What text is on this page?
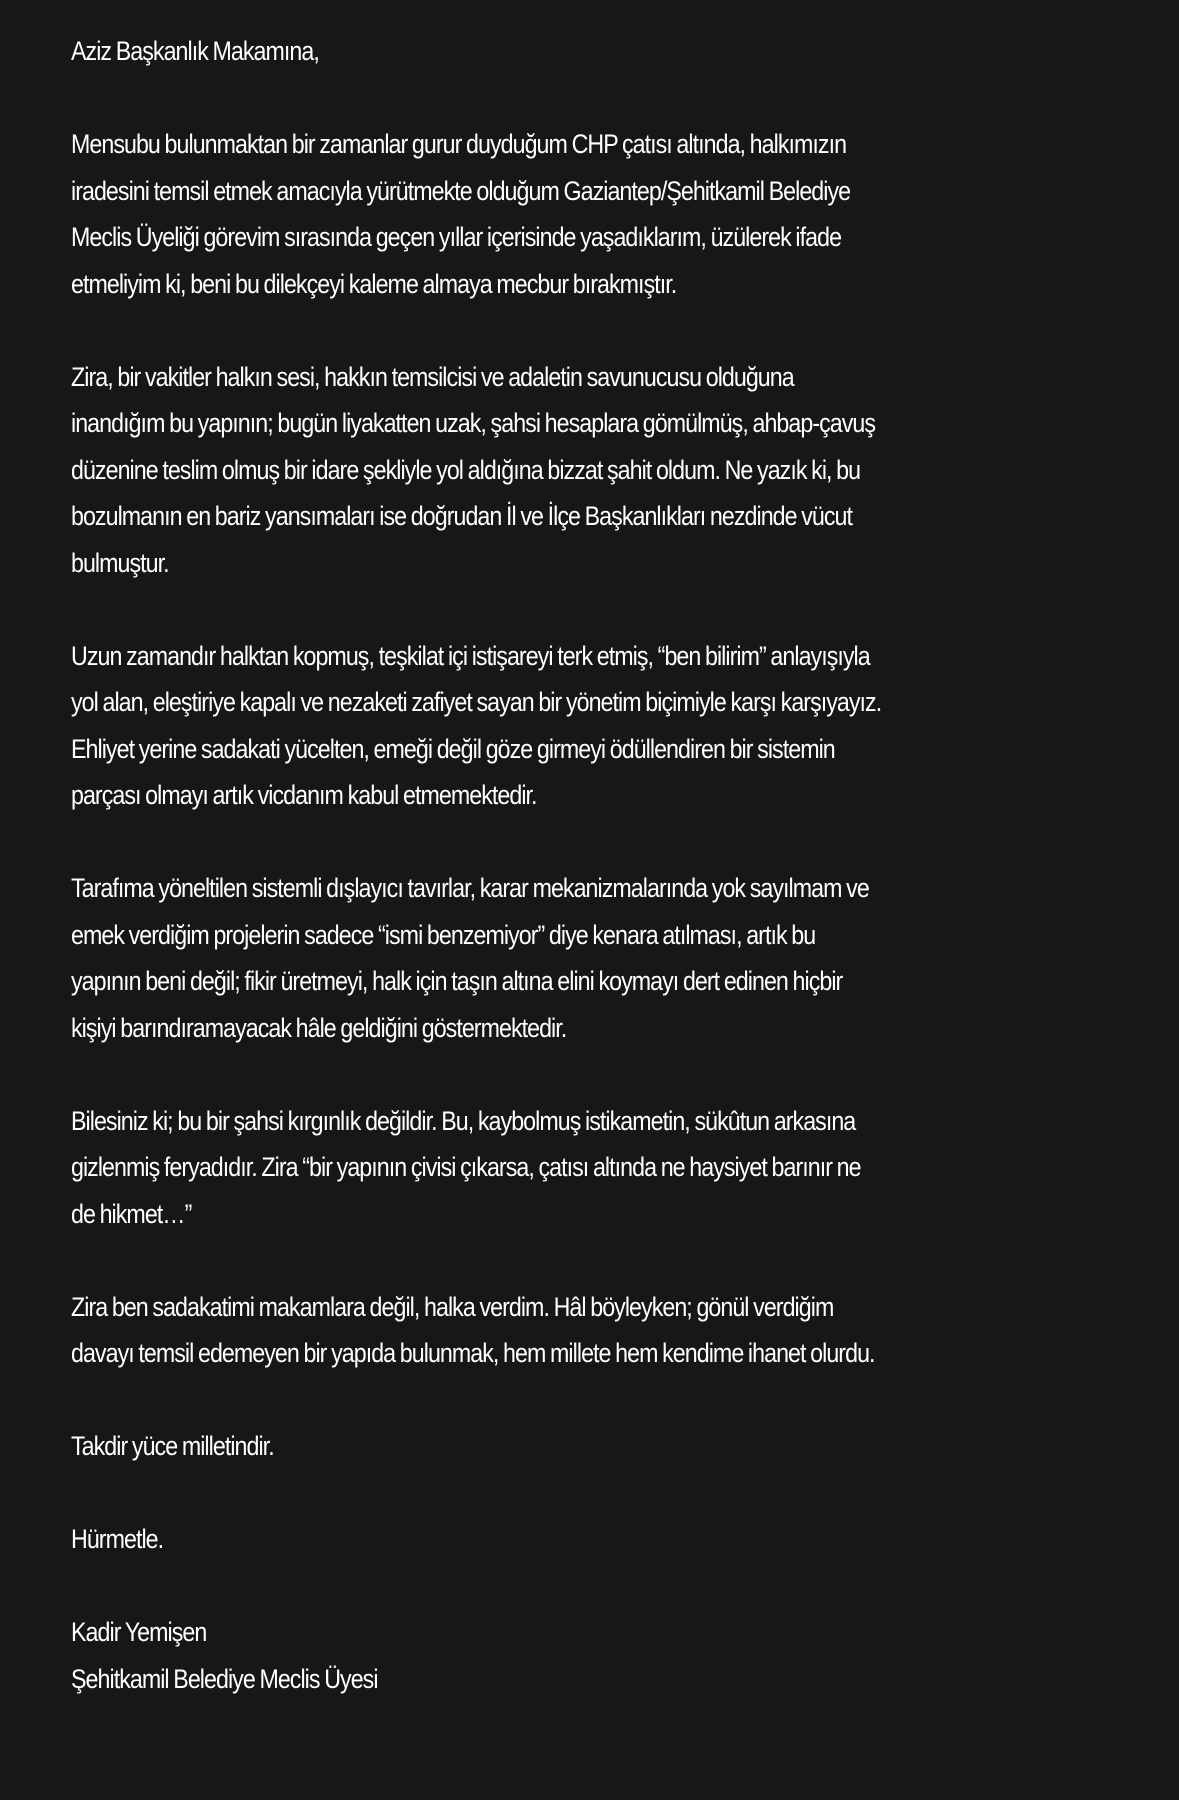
Aziz Başkanlık Makamına,
Mensubu bulunmaktan bir zamanlar gurur duyduğum CHP çatısı altında, halkımızın
iradesini temsil etmek amacıyla yürütmekte olduğum Gaziantep/Şehitkamil Belediye
Meclis Üyeliği görevim sırasında geçen yıllar içerisinde yaşadıklarım, üzülerek ifade
etmeliyim ki, beni bu dilekçeyi kaleme almaya mecbur bırakmıştır.
Zira, bir vakitler halkın sesi, hakkın temsilcisi ve adaletin savunucusu olduğuna
inandığım bu yapının; bugün liyakatten uzak, şahsi hesaplara gömülmüş, ahbap-çavuş
düzenine teslim olmuş bir idare şekliyle yol aldığına bizzat şahit oldum. Ne yazık ki, bu
bozulmanın en bariz yansımaları ise doğrudan İl ve İlçe Başkanlıkları nezdinde vücut
bulmuştur.
Uzun zamandır halktan kopmuş, teşkilat içi istişareyi terk etmiş, “ben bilirim” anlayışıyla
yol alan, eleştiriye kapalı ve nezaketi zafiyet sayan bir yönetim biçimiyle karşı karşıyayız.
Ehliyet yerine sadakati yücelten, emeği değil göze girmeyi ödüllendiren bir sistemin
parçası olmayı artık vicdanım kabul etmemektedir.
Tarafıma yöneltilen sistemli dışlayıcı tavırlar, karar mekanizmalarında yok sayılmam ve
emek verdiğim projelerin sadece “ismi benzemiyor” diye kenara atılması, artık bu
yapının beni değil; fikir üretmeyi, halk için taşın altına elini koymayı dert edinen hiçbir
kişiyi barındıramayacak hâle geldiğini göstermektedir.
Bilesiniz ki; bu bir şahsi kırgınlık değildir. Bu, kaybolmuş istikametin, sükûtun arkasına
gizlenmiş feryadıdır. Zira “bir yapının çivisi çıkarsa, çatısı altında ne haysiyet barınır ne
de hikmet…”
Zira ben sadakatimi makamlara değil, halka verdim. Hâl böyleyken; gönül verdiğim
davayı temsil edemeyen bir yapıda bulunmak, hem millete hem kendime ihanet olurdu.
Takdir yüce milletindir.
Hürmetle.
Kadir Yemişen
Şehitkamil Belediye Meclis Üyesi
